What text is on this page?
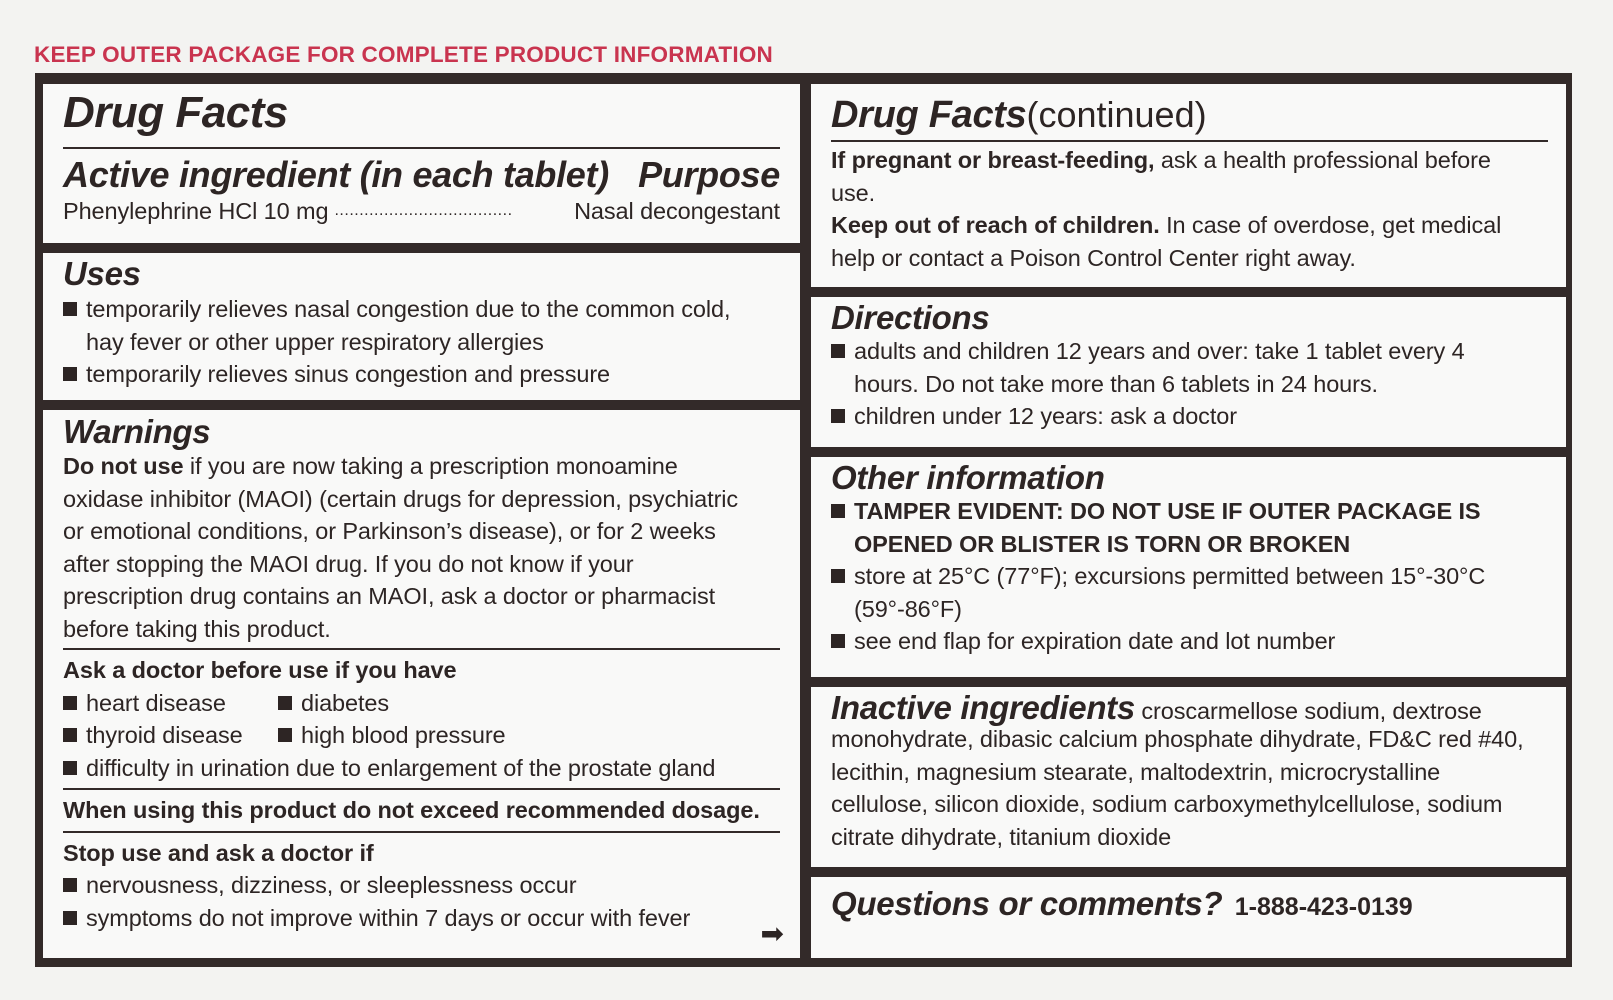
KEEP OUTER PACKAGE FOR COMPLETE PRODUCT INFORMATION
Drug Facts
Active ingredient (in each tablet) Purpose
Phenylephrine HCl 10 mg ....................................	Nasal decongestant
Uses
temporarily relieves nasal congestion due to the common cold,
hay fever or other upper respiratory allergies
temporarily relieves sinus congestion and pressure
Warnings
Do not use if you are now taking a prescription monoamine
oxidase inhibitor (MAOI) (certain drugs for depression, psychiatric
or emotional conditions, or Parkinson’s disease), or for 2 weeks
after stopping the MAOI drug. If you do not know if your
prescription drug contains an MAOI, ask a doctor or pharmacist
before taking this product.
Ask a doctor before use if you have
heart disease	diabetes
thyroid disease high blood pressure
difficulty in urination due to enlargement of the prostate gland
When using this product do not exceed recommended dosage.
Stop use and ask a doctor if
nervousness, dizziness, or sleeplessness occur
symptoms do not improve within 7 days or occur with fever
➡
Drug Facts (continued)
If pregnant or breast-feeding, ask a health professional before
use.
Keep out of reach of children. In case of overdose, get medical
help or contact a Poison Control Center right away.
Directions
adults and children 12 years and over: take 1 tablet every 4
hours. Do not take more than 6 tablets in 24 hours.
children under 12 years: ask a doctor
Other information
TAMPER EVIDENT: DO NOT USE IF OUTER PACKAGE IS
OPENED OR BLISTER IS TORN OR BROKEN
store at 25°C (77°F); excursions permitted between 15°-30°C
(59°-86°F)
see end flap for expiration date and lot number
Inactive ingredients croscarmellose sodium, dextrose
monohydrate, dibasic calcium phosphate dihydrate, FD&C red #40,
lecithin, magnesium stearate, maltodextrin, microcrystalline
cellulose, silicon dioxide, sodium carboxymethylcellulose, sodium
citrate dihydrate, titanium dioxide
Questions or comments? 1-888-423-0139
